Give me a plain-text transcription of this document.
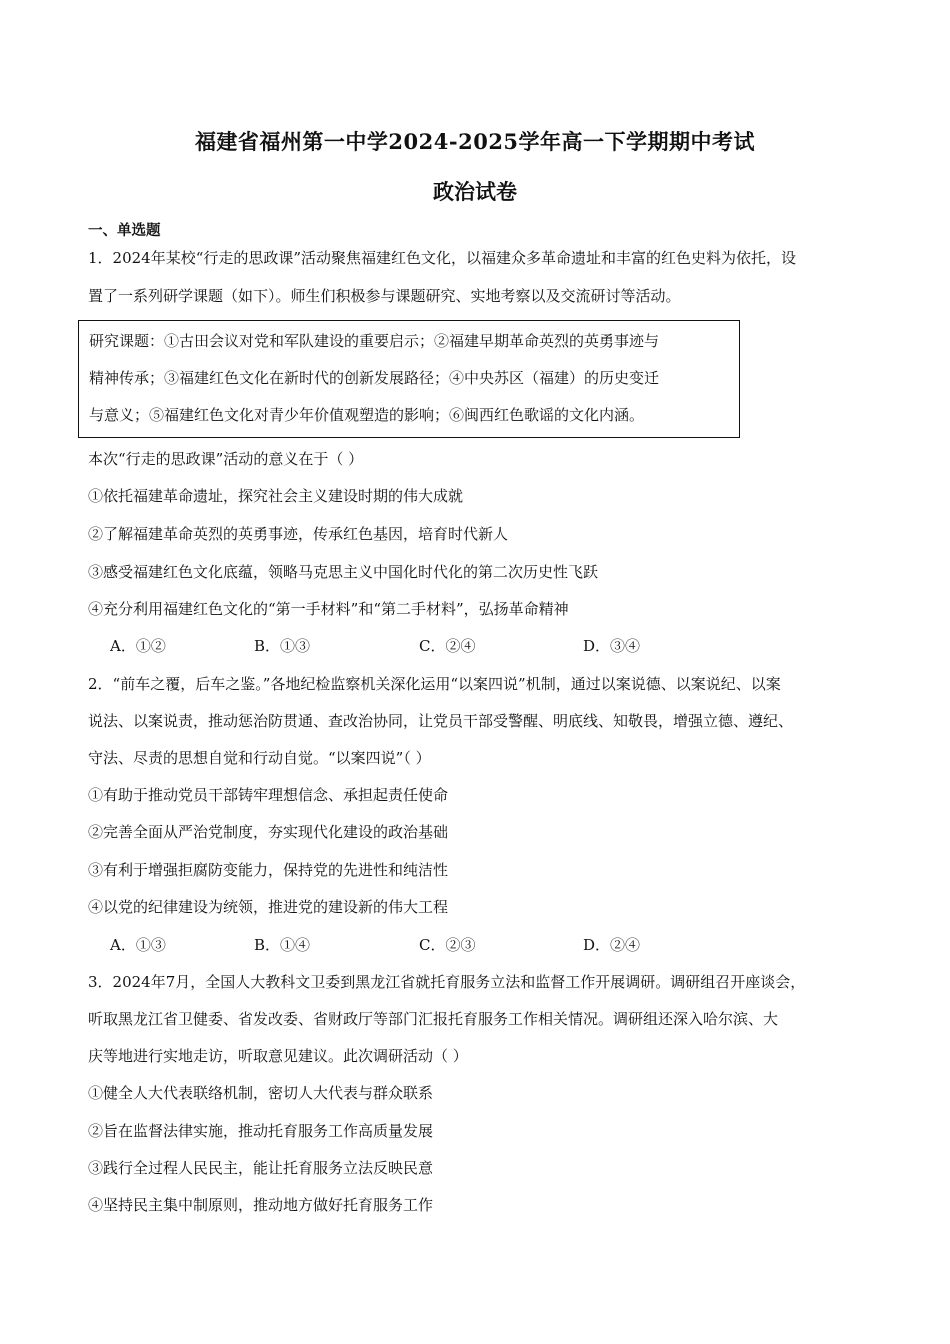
福建省福州第一中学2024-2025学年高一下学期期中考试
政治试卷
一、单选题
1．2024年某校“行走的思政课”活动聚焦福建红色文化，以福建众多革命遗址和丰富的红色史料为依托，设
置了一系列研学课题（如下）。师生们积极参与课题研究、实地考察以及交流研讨等活动。
研究课题：①古田会议对党和军队建设的重要启示；②福建早期革命英烈的英勇事迹与
精神传承；③福建红色文化在新时代的创新发展路径；④中央苏区（福建）的历史变迁
与意义；⑤福建红色文化对青少年价值观塑造的影响；⑥闽西红色歌谣的文化内涵。
本次“行走的思政课”活动的意义在于（ ）
①依托福建革命遗址，探究社会主义建设时期的伟大成就
②了解福建革命英烈的英勇事迹，传承红色基因，培育时代新人
③感受福建红色文化底蕴，领略马克思主义中国化时代化的第二次历史性飞跃
④充分利用福建红色文化的“第一手材料”和“第二手材料”，弘扬革命精神
A．①②	B．①③	C．②④	D．③④
2．“前车之覆，后车之鉴。”各地纪检监察机关深化运用“以案四说”机制，通过以案说德、以案说纪、以案
说法、以案说责，推动惩治防贯通、查改治协同，让党员干部受警醒、明底线、知敬畏，增强立德、遵纪、
守法、尽责的思想自觉和行动自觉。“以案四说”（ ）
①有助于推动党员干部铸牢理想信念、承担起责任使命
②完善全面从严治党制度，夯实现代化建设的政治基础
③有利于增强拒腐防变能力，保持党的先进性和纯洁性
④以党的纪律建设为统领，推进党的建设新的伟大工程
A．①③	B．①④	C．②③	D．②④
3．2024年7月，全国人大教科文卫委到黑龙江省就托育服务立法和监督工作开展调研。调研组召开座谈会，
听取黑龙江省卫健委、省发改委、省财政厅等部门汇报托育服务工作相关情况。调研组还深入哈尔滨、大
庆等地进行实地走访，听取意见建议。此次调研活动（ ）
①健全人大代表联络机制，密切人大代表与群众联系
②旨在监督法律实施，推动托育服务工作高质量发展
③践行全过程人民民主，能让托育服务立法反映民意
④坚持民主集中制原则，推动地方做好托育服务工作
